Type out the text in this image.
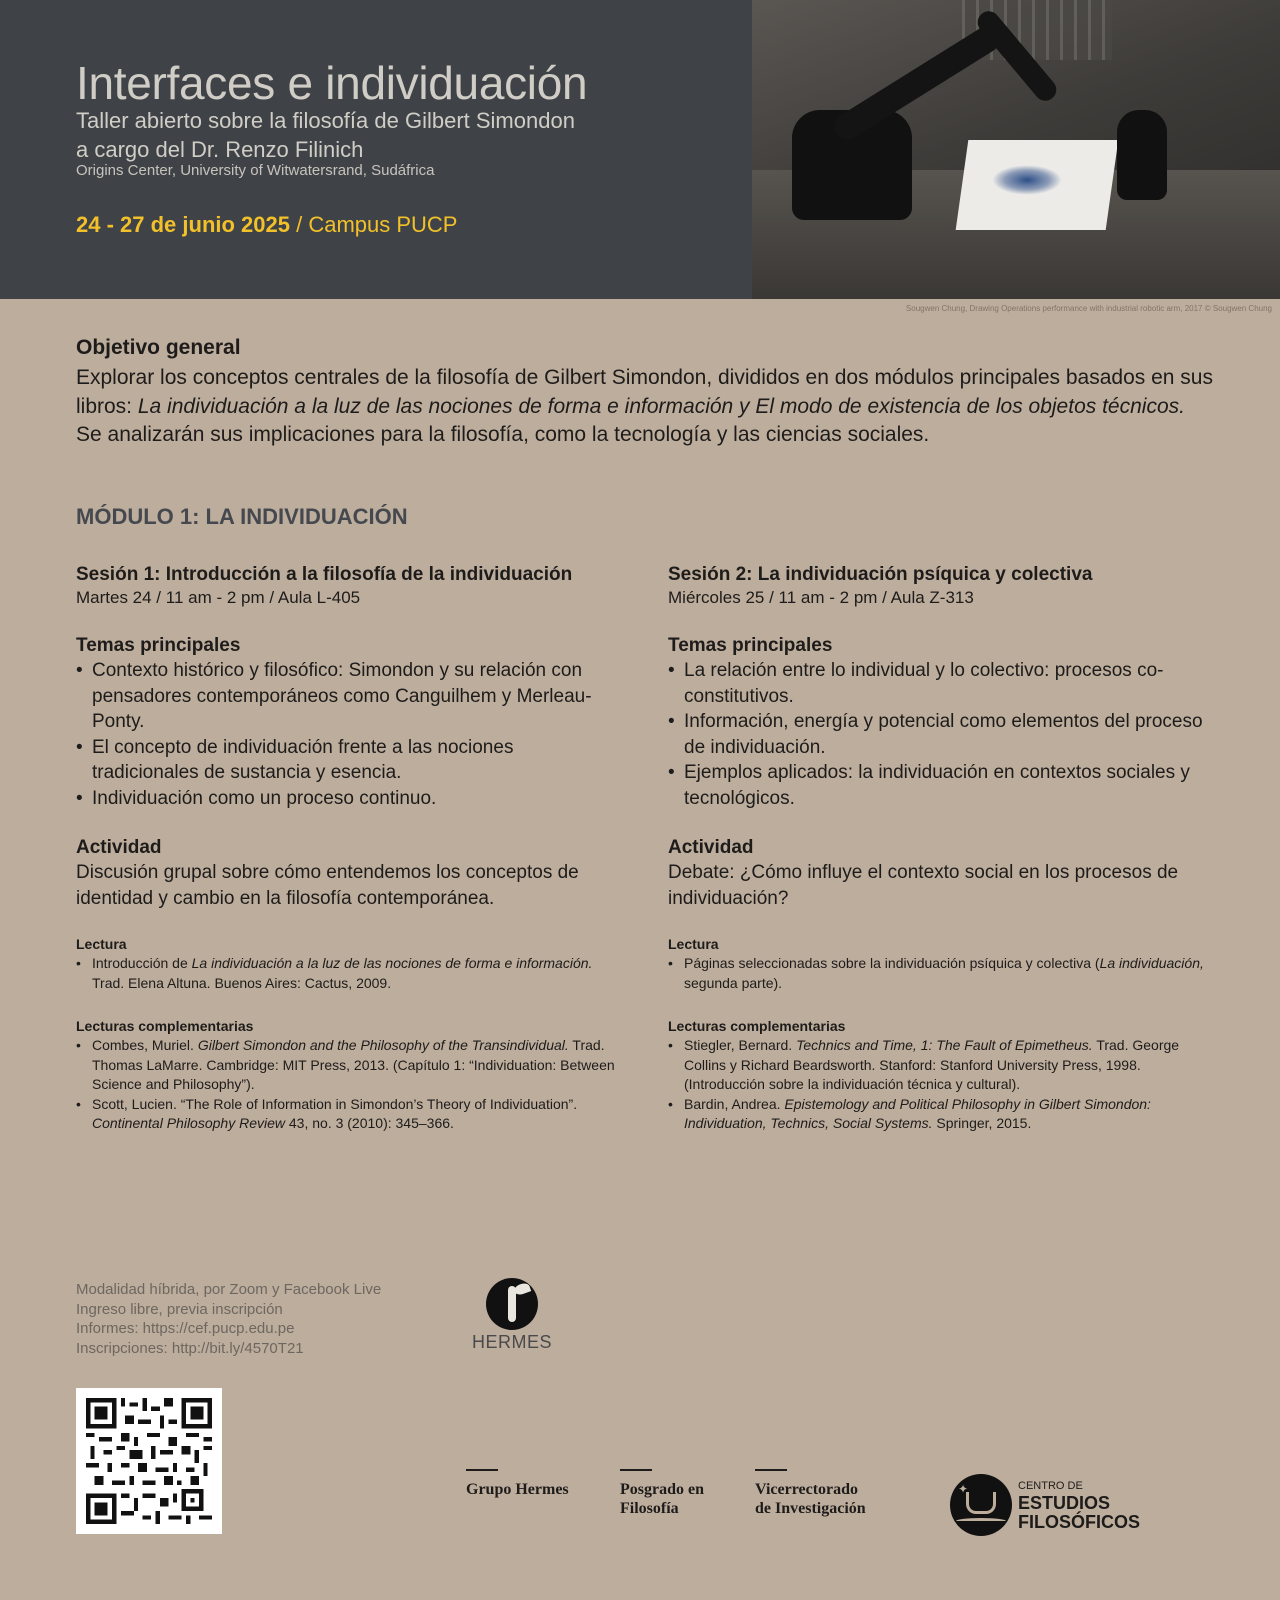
Interfaces e individuación
Taller abierto sobre la filosofía de Gilbert Simondon
a cargo del Dr. Renzo Filinich
Origins Center, University of Witwatersrand, Sudáfrica
24 - 27 de junio 2025 / Campus PUCP
Sougwen Chung, Drawing Operations performance with industrial robotic arm, 2017 © Sougwen Chung
Objetivo general
Explorar los conceptos centrales de la filosofía de Gilbert Simondon, divididos en dos módulos principales basados en sus libros: La individuación a la luz de las nociones de forma e información y El modo de existencia de los objetos técnicos. Se analizarán sus implicaciones para la filosofía, como la tecnología y las ciencias sociales.
MÓDULO 1: LA INDIVIDUACIÓN
Sesión 1: Introducción a la filosofía de la individuación
Martes 24 / 11 am - 2 pm / Aula L-405
Temas principales
• Contexto histórico y filosófico: Simondon y su relación con pensadores contemporáneos como Canguilhem y Merleau-Ponty.
• El concepto de individuación frente a las nociones tradicionales de sustancia y esencia.
• Individuación como un proceso continuo.
Actividad
Discusión grupal sobre cómo entendemos los conceptos de identidad y cambio en la filosofía contemporánea.
Lectura
• Introducción de La individuación a la luz de las nociones de forma e información. Trad. Elena Altuna. Buenos Aires: Cactus, 2009.
Lecturas complementarias
• Combes, Muriel. Gilbert Simondon and the Philosophy of the Transindividual. Trad. Thomas LaMarre. Cambridge: MIT Press, 2013. (Capítulo 1: “Individuation: Between Science and Philosophy”).
• Scott, Lucien. “The Role of Information in Simondon’s Theory of Individuation”. Continental Philosophy Review 43, no. 3 (2010): 345–366.
Sesión 2: La individuación psíquica y colectiva
Miércoles 25 / 11 am - 2 pm / Aula Z-313
Temas principales
• La relación entre lo individual y lo colectivo: procesos co-constitutivos.
• Información, energía y potencial como elementos del proceso de individuación.
• Ejemplos aplicados: la individuación en contextos sociales y tecnológicos.
Actividad
Debate: ¿Cómo influye el contexto social en los procesos de individuación?
Lectura
• Páginas seleccionadas sobre la individuación psíquica y colectiva (La individuación, segunda parte).
Lecturas complementarias
• Stiegler, Bernard. Technics and Time, 1: The Fault of Epimetheus. Trad. George Collins y Richard Beardsworth. Stanford: Stanford University Press, 1998. (Introducción sobre la individuación técnica y cultural).
• Bardin, Andrea. Epistemology and Political Philosophy in Gilbert Simondon: Individuation, Technics, Social Systems. Springer, 2015.
Modalidad híbrida, por Zoom y Facebook Live
Ingreso libre, previa inscripción
Informes: https://cef.pucp.edu.pe
Inscripciones: http://bit.ly/4570T21	HERMES
Grupo Hermes	Posgrado en
Filosofía
Vicerrectorado
de Investigación
✦	CENTRO DE
ESTUDIOS
FILOSÓFICOS
